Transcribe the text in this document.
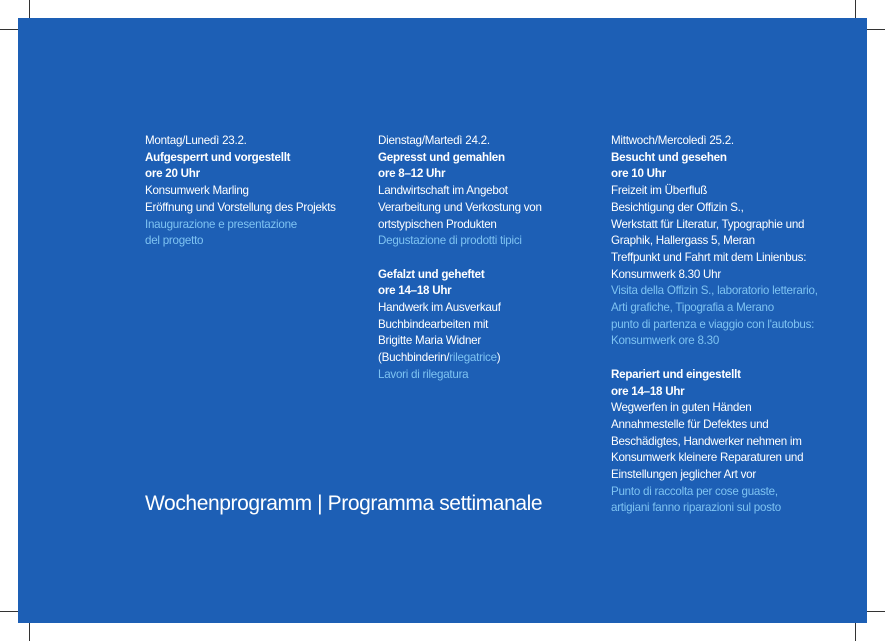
Montag/Lunedì 23.2.
Aufgesperrt und vorgestellt
ore 20 Uhr
Konsumwerk Marling
Eröffnung und Vorstellung des Projekts
Inaugurazione e presentazione
del progetto
Dienstag/Martedì 24.2.
Gepresst und gemahlen
ore 8–12 Uhr
Landwirtschaft im Angebot
Verarbeitung und Verkostung von
ortstypischen Produkten
Degustazione di prodotti tipici
Gefalzt und geheftet
ore 14–18 Uhr
Handwerk im Ausverkauf
Buchbindearbeiten mit
Brigitte Maria Widner
(Buchbinderin/rilegatrice)
Lavori di rilegatura
Mittwoch/Mercoledì 25.2.
Besucht und gesehen
ore 10 Uhr
Freizeit im Überfluß
Besichtigung der Offizin S.,
Werkstatt für Literatur, Typographie und
Graphik, Hallergass 5, Meran
Treffpunkt und Fahrt mit dem Linienbus:
Konsumwerk 8.30 Uhr
Visita della Offizin S., laboratorio letterario,
Arti grafiche, Tipografia a Merano
punto di partenza e viaggio con l'autobus:
Konsumwerk ore 8.30
Repariert und eingestellt
ore 14–18 Uhr
Wegwerfen in guten Händen
Annahmestelle für Defektes und
Beschädigtes, Handwerker nehmen im
Konsumwerk kleinere Reparaturen und
Einstellungen jeglicher Art vor
Punto di raccolta per cose guaste,
artigiani fanno riparazioni sul posto
Wochenprogramm | Programma settimanale
